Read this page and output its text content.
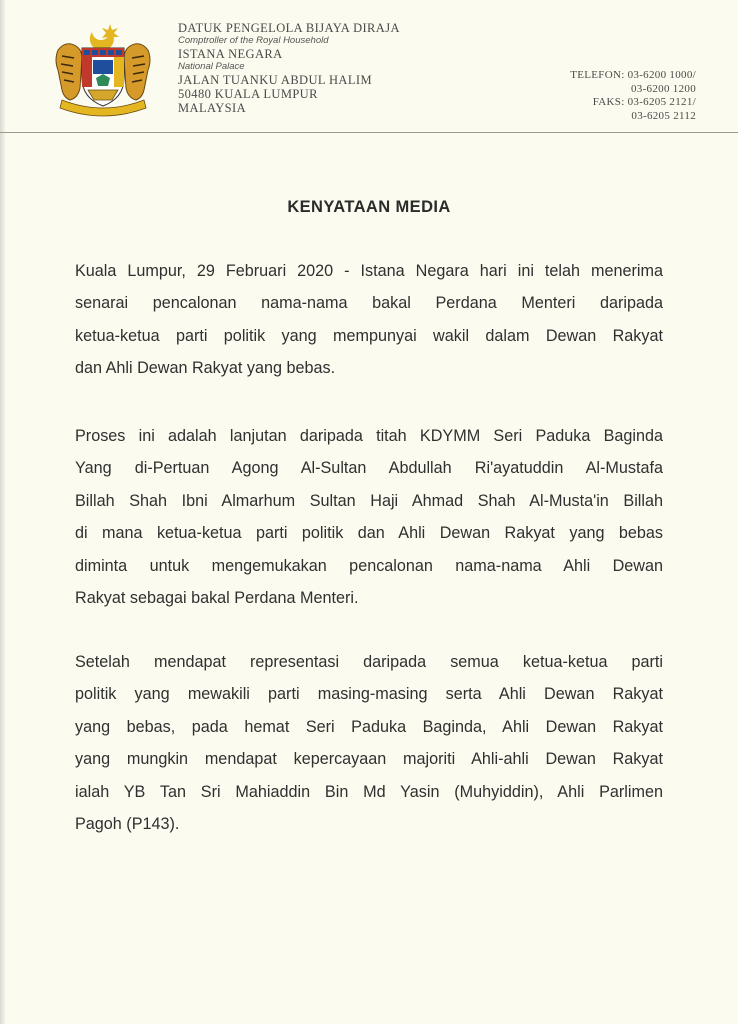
DATUK PENGELOLA BIJAYA DIRAJA
Comptroller of the Royal Household
ISTANA NEGARA
National Palace
JALAN TUANKU ABDUL HALIM
50480 KUALA LUMPUR
MALAYSIA
TELEFON: 03-6200 1000/
03-6200 1200
FAKS: 03-6205 2121/
03-6205 2112
KENYATAAN MEDIA
Kuala Lumpur, 29 Februari 2020 - Istana Negara hari ini telah menerima
senarai pencalonan nama-nama bakal Perdana Menteri daripada
ketua-ketua parti politik yang mempunyai wakil dalam Dewan Rakyat
dan Ahli Dewan Rakyat yang bebas.
Proses ini adalah lanjutan daripada titah KDYMM Seri Paduka Baginda
Yang di-Pertuan Agong Al-Sultan Abdullah Ri'ayatuddin Al-Mustafa
Billah Shah Ibni Almarhum Sultan Haji Ahmad Shah Al-Musta'in Billah
di mana ketua-ketua parti politik dan Ahli Dewan Rakyat yang bebas
diminta untuk mengemukakan pencalonan nama-nama Ahli Dewan
Rakyat sebagai bakal Perdana Menteri.
Setelah mendapat representasi daripada semua ketua-ketua parti
politik yang mewakili parti masing-masing serta Ahli Dewan Rakyat
yang bebas, pada hemat Seri Paduka Baginda, Ahli Dewan Rakyat
yang mungkin mendapat kepercayaan majoriti Ahli-ahli Dewan Rakyat
ialah YB Tan Sri Mahiaddin Bin Md Yasin (Muhyiddin), Ahli Parlimen
Pagoh (P143).
